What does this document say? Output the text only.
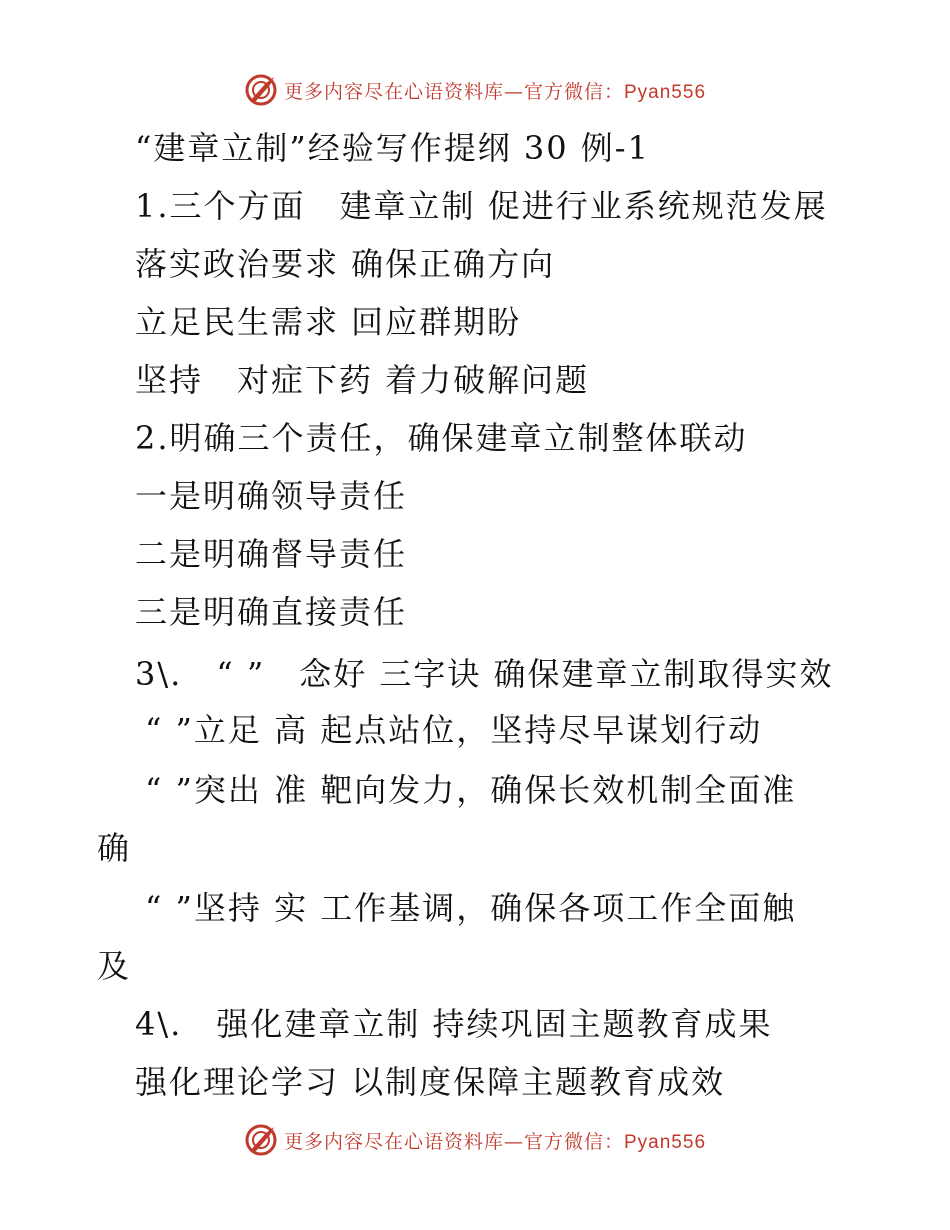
更多内容尽在心语资料库—官方微信：Pyan556
“建章立制”经验写作提纲 30 例-1
1.三个方面　建章立制 促进行业系统规范发展
落实政治要求 确保正确方向
立足民生需求 回应群期盼
坚持　对症下药 着力破解问题
2.明确三个责任，确保建章立制整体联动
一是明确领导责任
二是明确督导责任
三是明确直接责任
3\.　“ ”　念好 三字诀 确保建章立制取得实效
“ ”立足 高 起点站位，坚持尽早谋划行动
“ ”突出 准 靶向发力，确保长效机制全面准
确
“ ”坚持 实 工作基调，确保各项工作全面触
及
4\.　强化建章立制 持续巩固主题教育成果
强化理论学习 以制度保障主题教育成效
更多内容尽在心语资料库—官方微信：Pyan556
